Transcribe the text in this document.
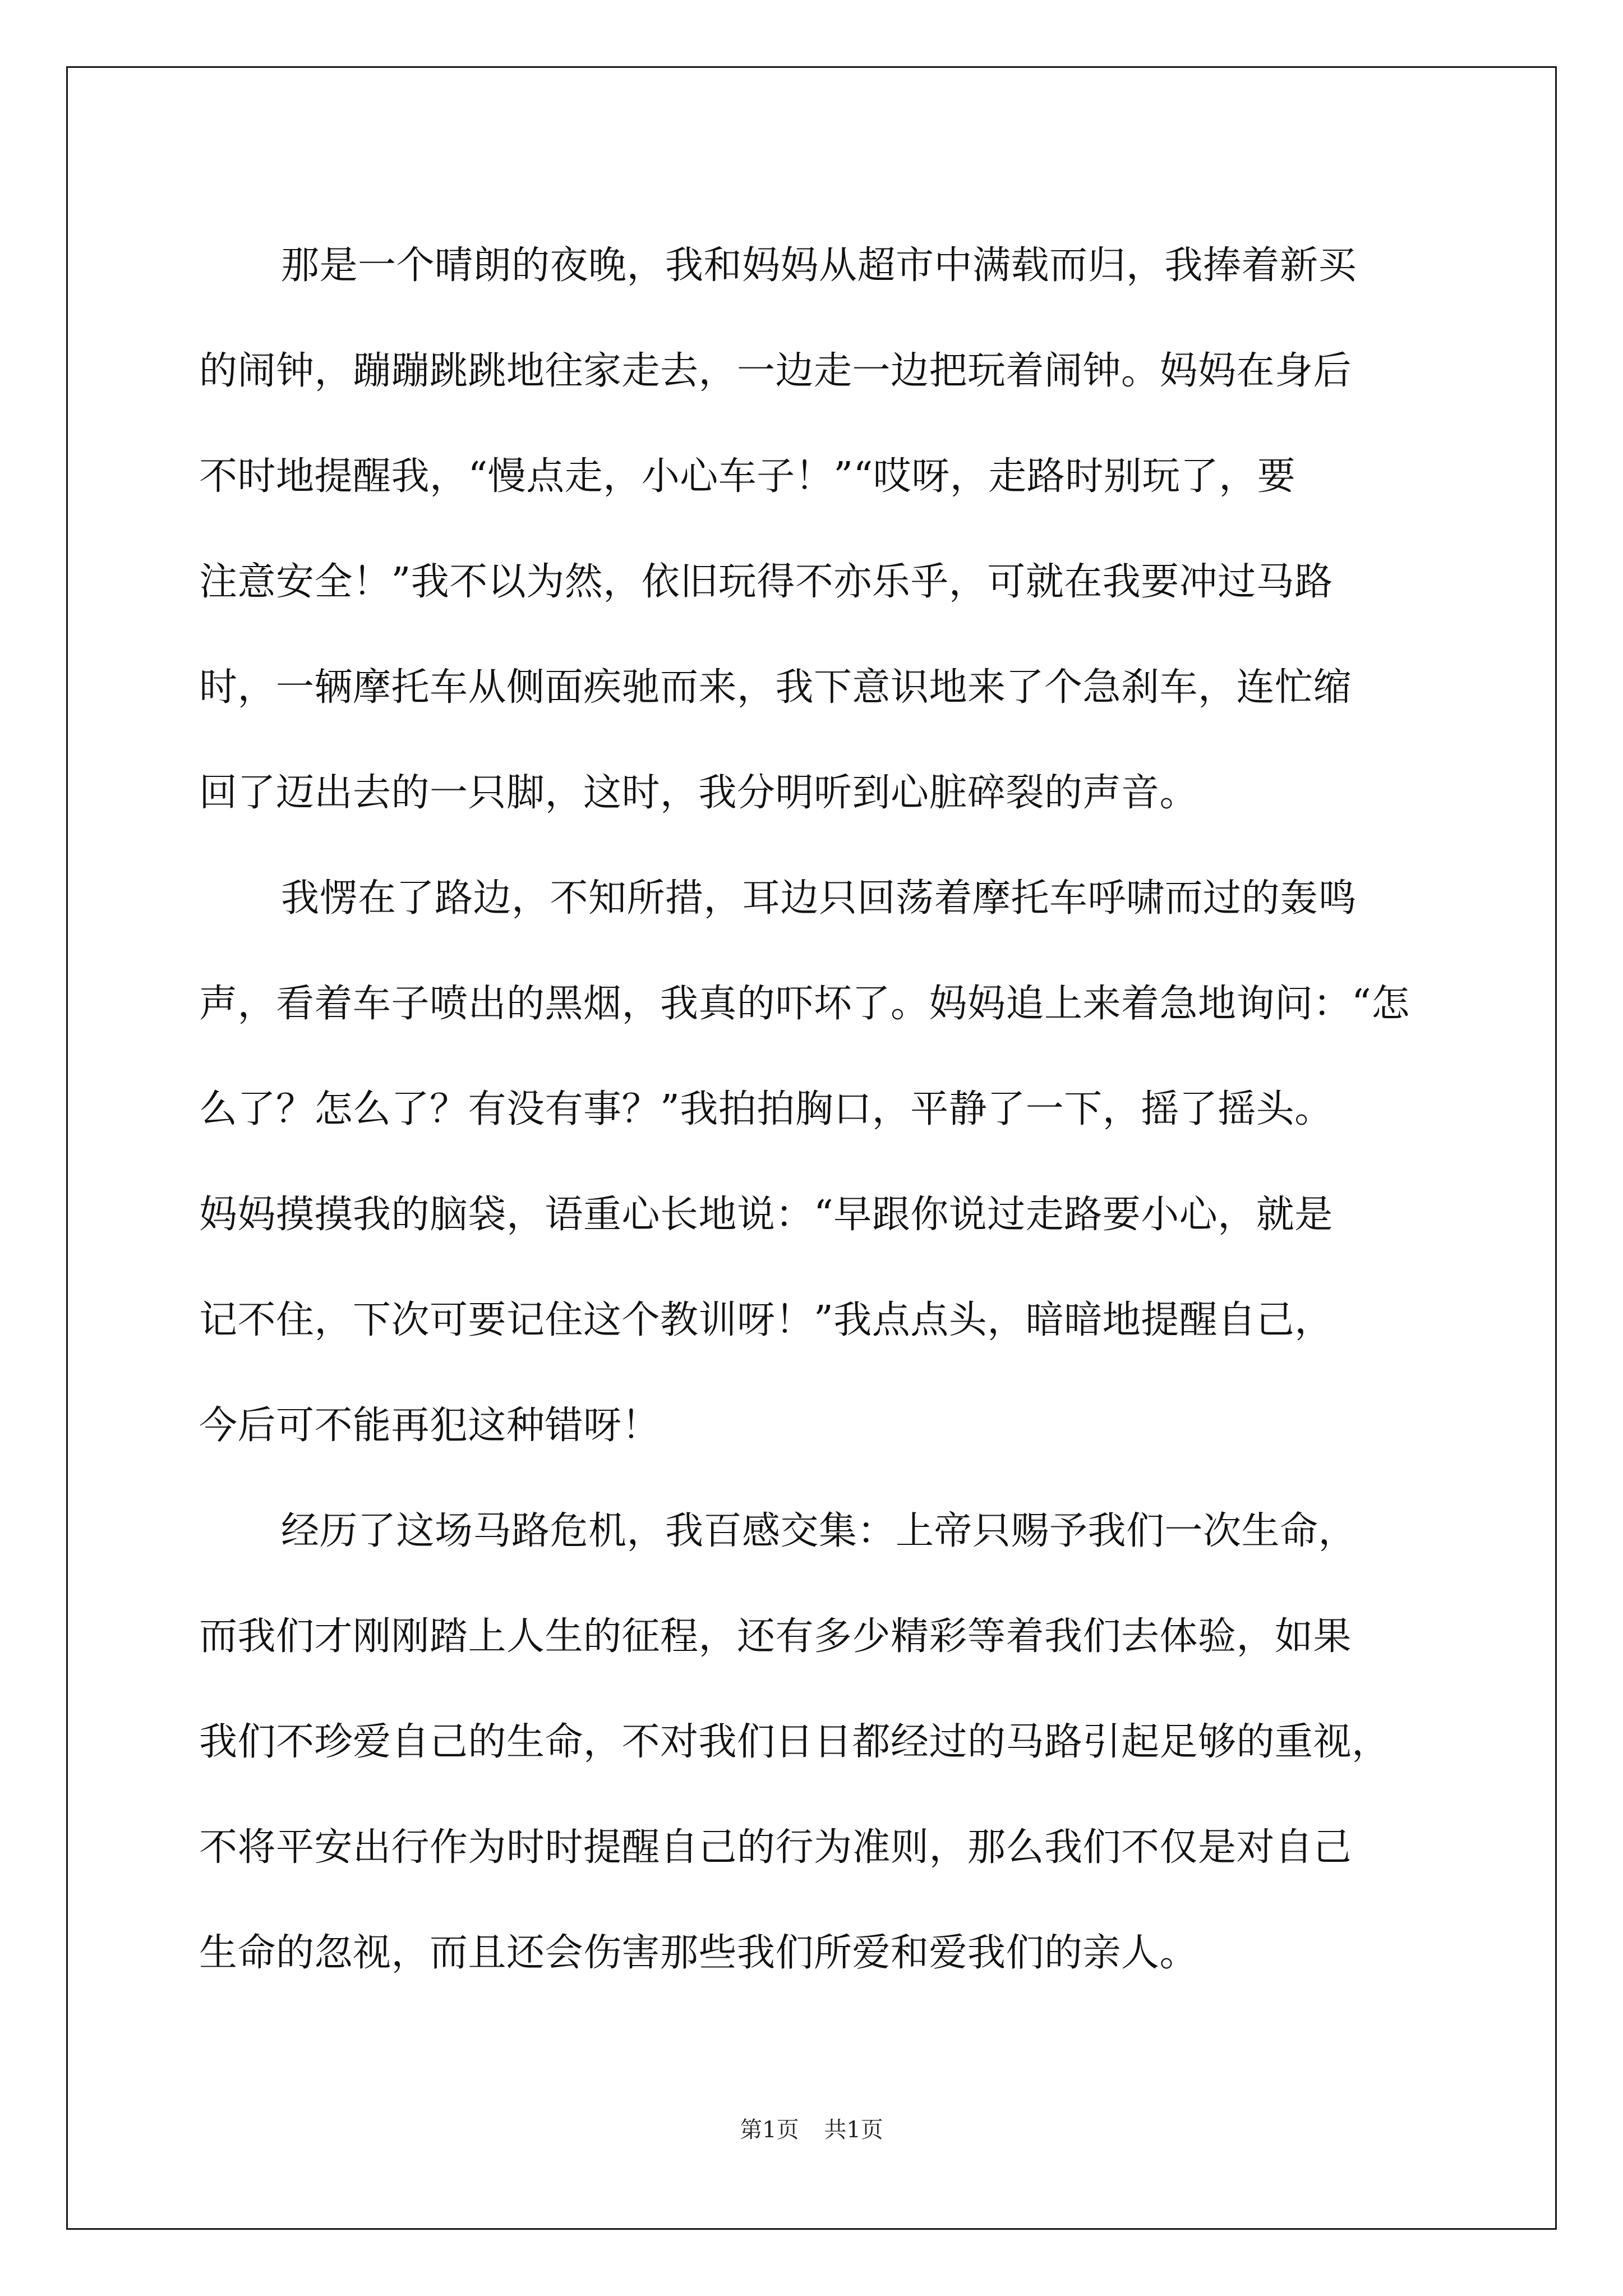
那是一个晴朗的夜晚，我和妈妈从超市中满载而归，我捧着新买
的闹钟，蹦蹦跳跳地往家走去，一边走一边把玩着闹钟。妈妈在身后
不时地提醒我，“慢点走，小心车子！”“哎呀，走路时别玩了，要
注意安全！”我不以为然，依旧玩得不亦乐乎，可就在我要冲过马路
时，一辆摩托车从侧面疾驰而来，我下意识地来了个急刹车，连忙缩
回了迈出去的一只脚，这时，我分明听到心脏碎裂的声音。
我愣在了路边，不知所措，耳边只回荡着摩托车呼啸而过的轰鸣
声，看着车子喷出的黑烟，我真的吓坏了。妈妈追上来着急地询问：“怎
么了？怎么了？有没有事？”我拍拍胸口，平静了一下，摇了摇头。
妈妈摸摸我的脑袋，语重心长地说：“早跟你说过走路要小心，就是
记不住，下次可要记住这个教训呀！”我点点头，暗暗地提醒自己，
今后可不能再犯这种错呀！
经历了这场马路危机，我百感交集：上帝只赐予我们一次生命，
而我们才刚刚踏上人生的征程，还有多少精彩等着我们去体验，如果
我们不珍爱自己的生命，不对我们日日都经过的马路引起足够的重视，
不将平安出行作为时时提醒自己的行为准则，那么我们不仅是对自己
生命的忽视，而且还会伤害那些我们所爱和爱我们的亲人。
第1页 共1页
